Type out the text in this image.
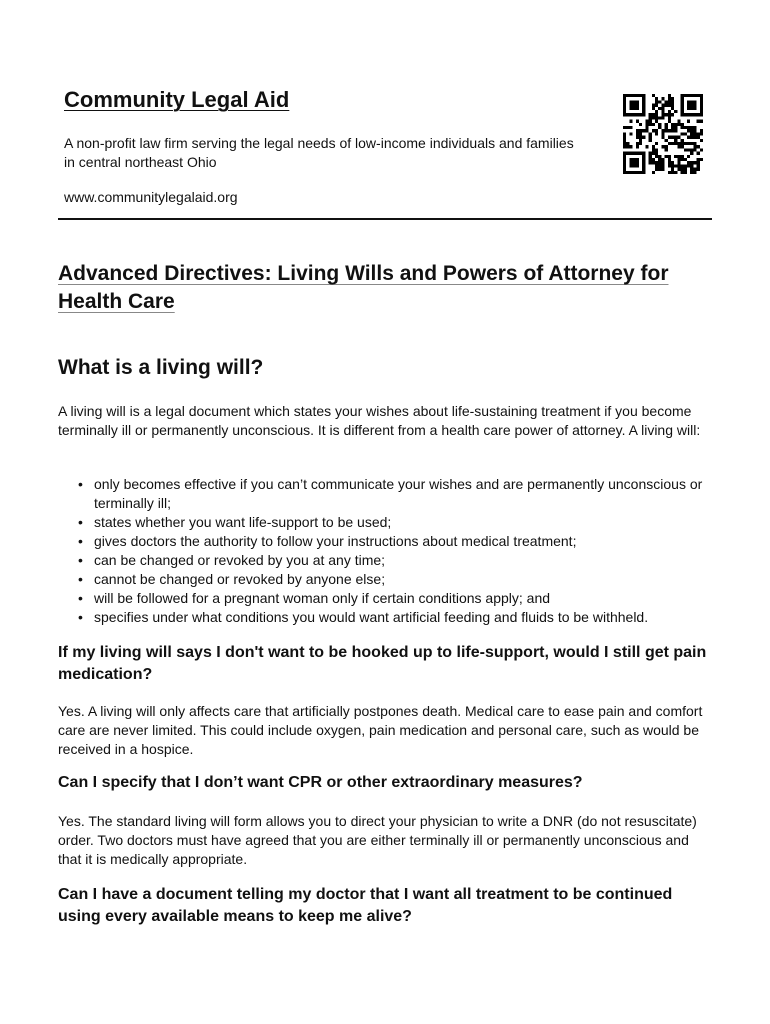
Community Legal Aid

A non-profit law firm serving the legal needs of low-income individuals and families in central northeast Ohio

www.communitylegalaid.org

Advanced Directives: Living Wills and Powers of Attorney for Health Care
What is a living will?

A living will is a legal document which states your wishes about life-sustaining treatment if you become terminally ill or permanently unconscious. It is different from a health care power of attorney. A living will:

• only becomes effective if you can’t communicate your wishes and are permanently unconscious or terminally ill;
• states whether you want life-support to be used;
• gives doctors the authority to follow your instructions about medical treatment;
• can be changed or revoked by you at any time;
• cannot be changed or revoked by anyone else;
• will be followed for a pregnant woman only if certain conditions apply; and
• specifies under what conditions you would want artificial feeding and fluids to be withheld.
If my living will says I don't want to be hooked up to life-support, would I still get pain medication?

Yes. A living will only affects care that artificially postpones death. Medical care to ease pain and comfort care are never limited. This could include oxygen, pain medication and personal care, such as would be received in a hospice.

Can I specify that I don’t want CPR or other extraordinary measures?

Yes. The standard living will form allows you to direct your physician to write a DNR (do not resuscitate) order. Two doctors must have agreed that you are either terminally ill or permanently unconscious and that it is medically appropriate.

Can I have a document telling my doctor that I want all treatment to be continued using every available means to keep me alive?
